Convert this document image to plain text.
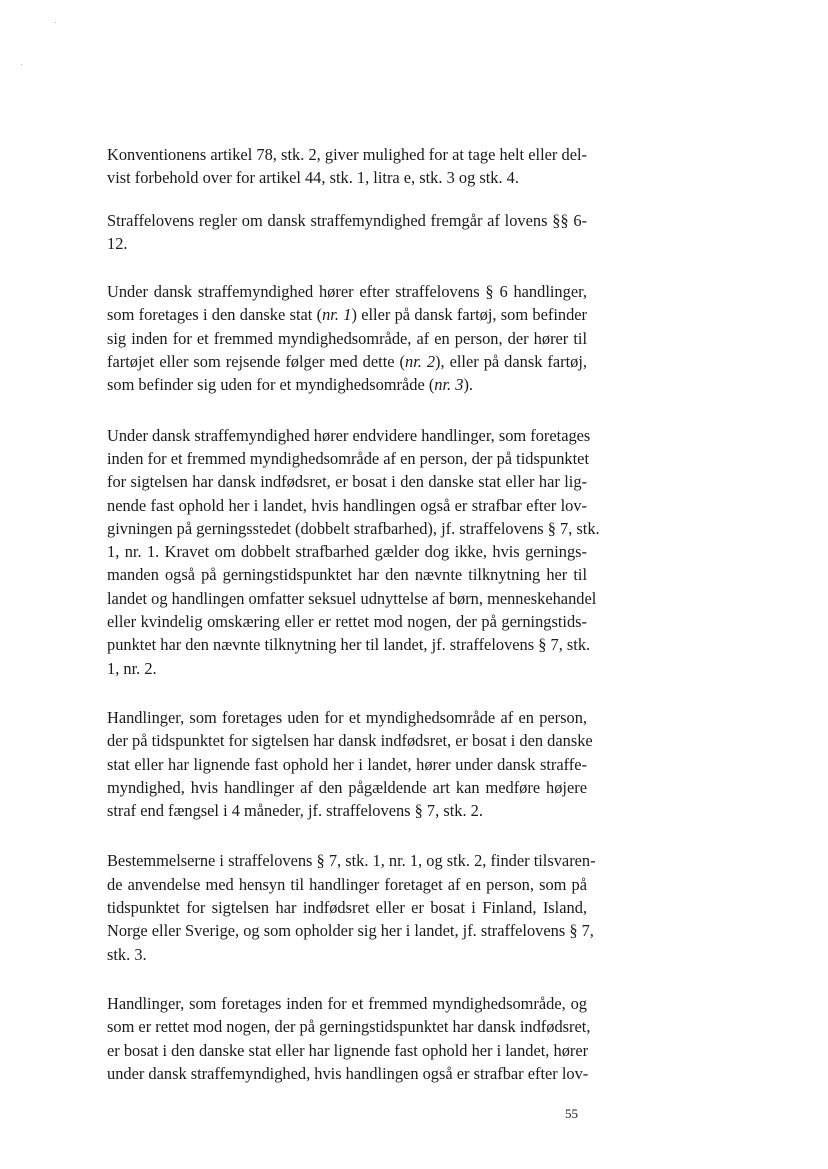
Konventionens artikel 78, stk. 2, giver mulighed for at tage helt eller del-
vist forbehold over for artikel 44, stk. 1, litra e, stk. 3 og stk. 4.

Straffelovens regler om dansk straffemyndighed fremgår af lovens §§ 6-
12.

Under dansk straffemyndighed hører efter straffelovens § 6 handlinger,
som foretages i den danske stat (nr. 1) eller på dansk fartøj, som befinder
sig inden for et fremmed myndighedsområde, af en person, der hører til
fartøjet eller som rejsende følger med dette (nr. 2), eller på dansk fartøj,
som befinder sig uden for et myndighedsområde (nr. 3).

Under dansk straffemyndighed hører endvidere handlinger, som foretages
inden for et fremmed myndighedsområde af en person, der på tidspunktet
for sigtelsen har dansk indfødsret, er bosat i den danske stat eller har lig-
nende fast ophold her i landet, hvis handlingen også er strafbar efter lov-
givningen på gerningsstedet (dobbelt strafbarhed), jf. straffelovens § 7, stk.
1, nr. 1. Kravet om dobbelt strafbarhed gælder dog ikke, hvis gernings-
manden også på gerningstidspunktet har den nævnte tilknytning her til
landet og handlingen omfatter seksuel udnyttelse af børn, menneskehandel
eller kvindelig omskæring eller er rettet mod nogen, der på gerningstids-
punktet har den nævnte tilknytning her til landet, jf. straffelovens § 7, stk.
1, nr. 2.

Handlinger, som foretages uden for et myndighedsområde af en person,
der på tidspunktet for sigtelsen har dansk indfødsret, er bosat i den danske
stat eller har lignende fast ophold her i landet, hører under dansk straffe-
myndighed, hvis handlinger af den pågældende art kan medføre højere
straf end fængsel i 4 måneder, jf. straffelovens § 7, stk. 2.

Bestemmelserne i straffelovens § 7, stk. 1, nr. 1, og stk. 2, finder tilsvaren-
de anvendelse med hensyn til handlinger foretaget af en person, som på
tidspunktet for sigtelsen har indfødsret eller er bosat i Finland, Island,
Norge eller Sverige, og som opholder sig her i landet, jf. straffelovens § 7,
stk. 3.

Handlinger, som foretages inden for et fremmed myndighedsområde, og
som er rettet mod nogen, der på gerningstidspunktet har dansk indfødsret,
er bosat i den danske stat eller har lignende fast ophold her i landet, hører
under dansk straffemyndighed, hvis handlingen også er strafbar efter lov-

55
